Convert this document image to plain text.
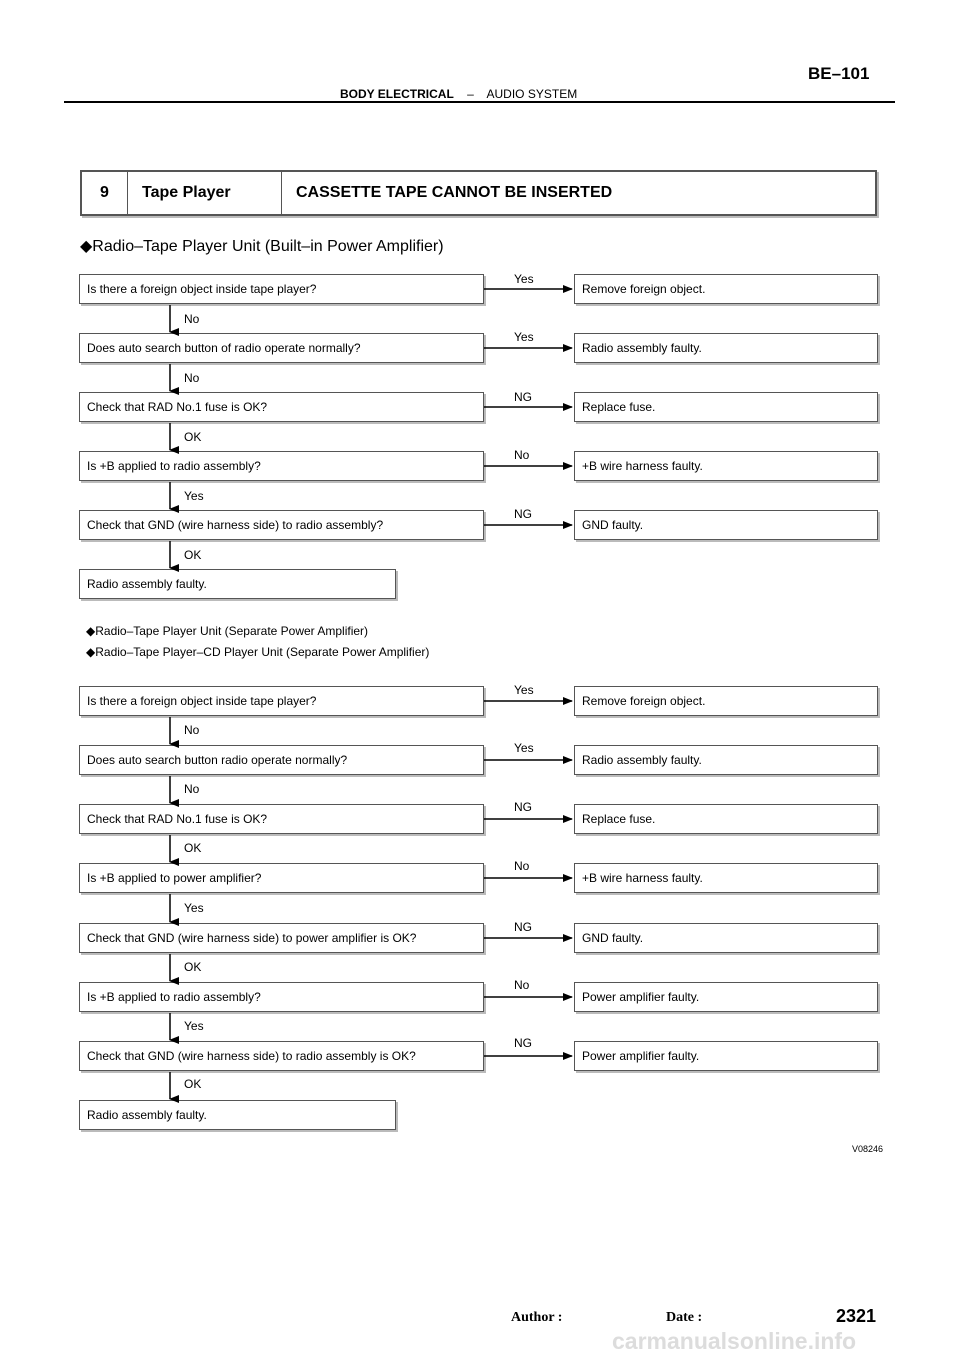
BE–101
BODY ELECTRICAL – AUDIO SYSTEM
9	Tape Player	CASSETTE TAPE CANNOT BE INSERTED
◆Radio–Tape Player Unit (Built–in Power Amplifier)
Is there a foreign object inside tape player?	Remove foreign object.
Yes
No
Does auto search button of radio operate normally?	Radio assembly faulty.
Yes
No
Check that RAD No.1 fuse is OK?	Replace fuse.
NG
OK
Is +B applied to radio assembly?	+B wire harness faulty.
No
Yes
Check that GND (wire harness side) to radio assembly?	GND faulty.
NG
OK
Radio assembly faulty.
◆Radio–Tape Player Unit (Separate Power Amplifier)
◆Radio–Tape Player–CD Player Unit (Separate Power Amplifier)
Is there a foreign object inside tape player?	Remove foreign object.
Yes
No
Does auto search button radio operate normally?	Radio assembly faulty.
Yes
No
Check that RAD No.1 fuse is OK?	Replace fuse.
NG
OK
Is +B applied to power amplifier?	+B wire harness faulty.
No
Yes
Check that GND (wire harness side) to power amplifier is OK?	GND faulty.
NG
OK
Is +B applied to radio assembly?	Power amplifier faulty.
No
Yes
Check that GND (wire harness side) to radio assembly is OK?	Power amplifier faulty.
NG
OK
Radio assembly faulty.
V08246
Author :	Date :	2321
carmanualsonline.info
